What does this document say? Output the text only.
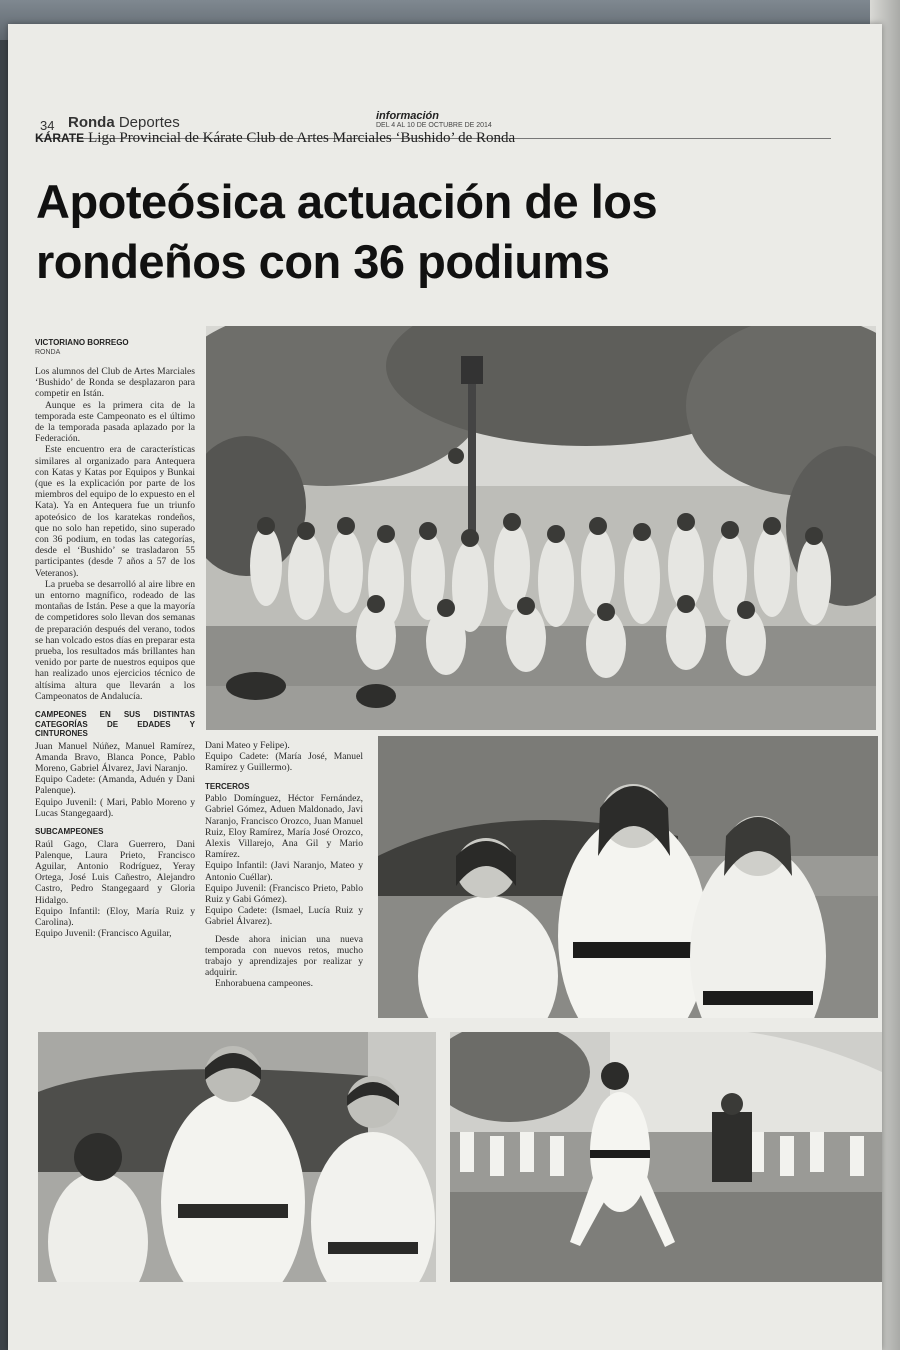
34 Ronda Deportes	información
DEL 4 AL 10 DE OCTUBRE DE 2014
KÁRATE Liga Provincial de Kárate Club de Artes Marciales ‘Bushido’ de Ronda
Apoteósica actuación de los
rondeños con 36 podiums
VICTORIANO BORREGO
RONDA

Los alumnos del Club de Artes Marciales ‘Bushido’ de Ronda se desplazaron para competir en Istán.

Aunque es la primera cita de la temporada este Campeonato es el último de la temporada pasada aplazado por la Federación.

Este encuentro era de características similares al organizado para Antequera con Katas y Katas por Equipos y Bunkai (que es la explicación por parte de los miembros del equipo de lo expuesto en el Kata). Ya en Antequera fue un triunfo apoteósico de los karatekas rondeños, que no solo han repetido, sino superado con 36 podium, en todas las categorías, desde el ‘Bushido’ se trasladaron 55 participantes (desde 7 años a 57 de los Veteranos).

La prueba se desarrolló al aire libre en un entorno magnífico, rodeado de las montañas de Istán. Pese a que la mayoría de competidores solo llevan dos semanas de preparación después del verano, todos se han volcado estos días en preparar esta prueba, los resultados más brillantes han venido por parte de nuestros equipos que han realizado unos ejercicios técnico de altísima altura que llevarán a los Campeonatos de Andalucía.

CAMPEONES EN SUS DISTINTAS CATEGORÍAS DE EDADES Y CINTURONES
Juan Manuel Núñez, Manuel Ramírez, Amanda Bravo, Blanca Ponce, Pablo Moreno, Gabriel Álvarez, Javi Naranjo.
Equipo Cadete: (Amanda, Aduén y Dani Palenque).
Equipo Juvenil: ( Mari, Pablo Moreno y Lucas Stangegaard).
SUBCAMPEONES
Raúl Gago, Clara Guerrero, Dani Palenque, Laura Prieto, Francisco Aguilar, Antonio Rodríguez, Yeray Ortega, José Luis Cañestro, Alejandro Castro, Pedro Stangegaard y Gloria Hidalgo.
Equipo Infantil: (Eloy, María Ruiz y Carolina).
Equipo Juvenil: (Francisco Aguilar,
Dani Mateo y Felipe).
Equipo Cadete: (María José, Manuel Ramírez y Guillermo).
TERCEROS
Pablo Domínguez, Héctor Fernández, Gabriel Gómez, Aduen Maldonado, Javi Naranjo, Francisco Orozco, Juan Manuel Ruiz, Eloy Ramírez, María José Orozco, Alexis Villarejo, Ana Gil y Mario Ramírez.
Equipo Infantil: (Javi Naranjo, Mateo y Antonio Cuéllar).
Equipo Juvenil: (Francisco Prieto, Pablo Ruiz y Gabi Gómez).
Equipo Cadete: (Ismael, Lucía Ruiz y Gabriel Álvarez).

Desde ahora inician una nueva temporada con nuevos retos, mucho trabajo y aprendizajes por realizar y adquirir.

Enhorabuena campeones.
